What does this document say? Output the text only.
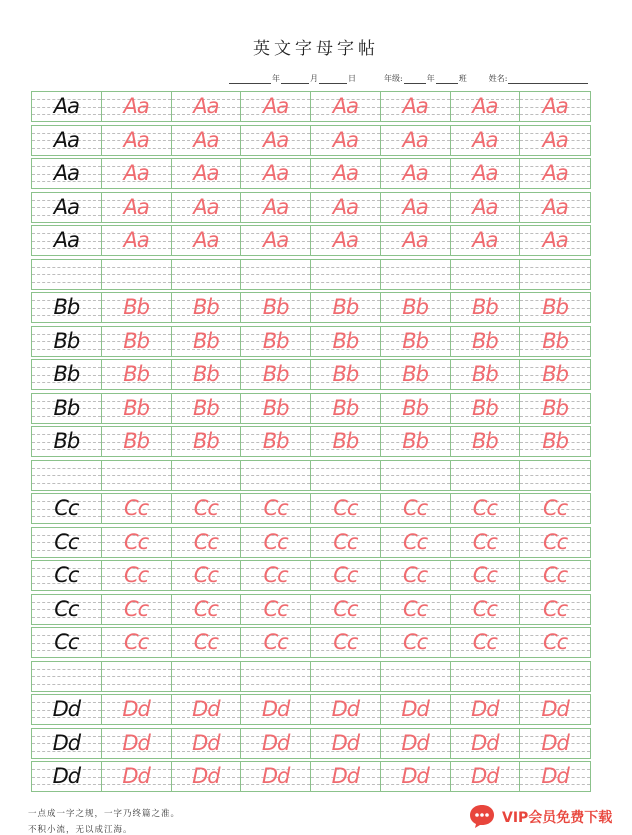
英文字母字帖
年	月	日	年级:	年	班	姓名:
Aa	Aa	Aa	Aa	Aa	Aa	Aa	Aa
Aa	Aa	Aa	Aa	Aa	Aa	Aa	Aa
Aa	Aa	Aa	Aa	Aa	Aa	Aa	Aa
Aa	Aa	Aa	Aa	Aa	Aa	Aa	Aa
Aa	Aa	Aa	Aa	Aa	Aa	Aa	Aa
Bb	Bb	Bb	Bb	Bb	Bb	Bb	Bb
Bb	Bb	Bb	Bb	Bb	Bb	Bb	Bb
Bb	Bb	Bb	Bb	Bb	Bb	Bb	Bb
Bb	Bb	Bb	Bb	Bb	Bb	Bb	Bb
Bb	Bb	Bb	Bb	Bb	Bb	Bb	Bb
Cc	Cc	Cc	Cc	Cc	Cc	Cc	Cc
Cc	Cc	Cc	Cc	Cc	Cc	Cc	Cc
Cc	Cc	Cc	Cc	Cc	Cc	Cc	Cc
Cc	Cc	Cc	Cc	Cc	Cc	Cc	Cc
Cc	Cc	Cc	Cc	Cc	Cc	Cc	Cc
Dd	Dd	Dd	Dd	Dd	Dd	Dd	Dd
Dd	Dd	Dd	Dd	Dd	Dd	Dd	Dd
Dd	Dd	Dd	Dd	Dd	Dd	Dd	Dd
一点成一字之规，一字乃终篇之准。
不积小流，无以成江海。
VIP会员免费下载
